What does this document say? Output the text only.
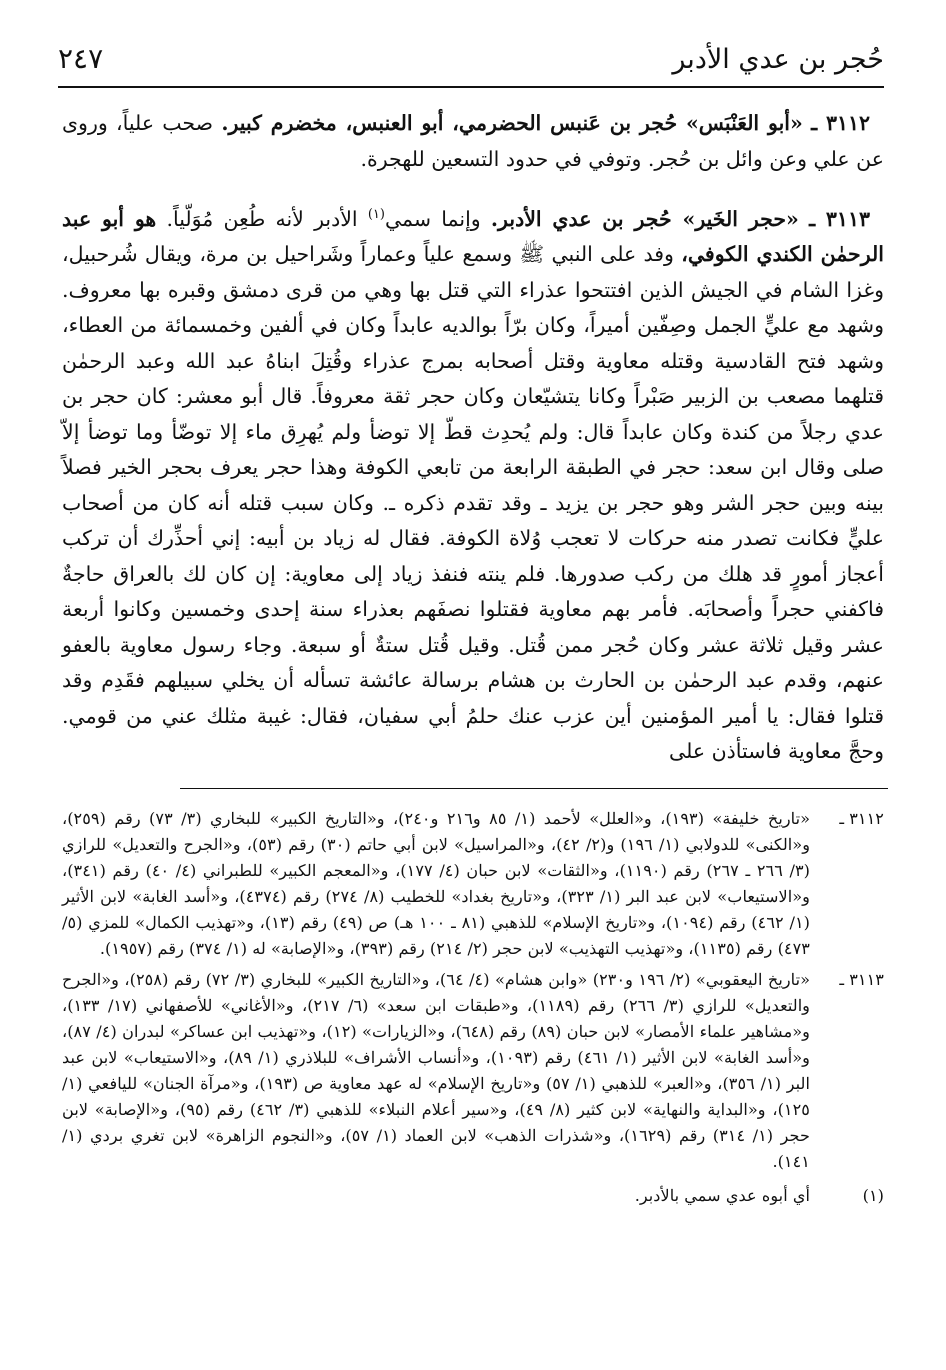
حُجر بن عدي الأدبر
٢٤٧

٣١١٢ ـ «أبو العَنْبَس» حُجر بن عَنبس الحضرمي، أبو العنبس، مخضرم كبير. صحب علياً، وروى عن علي وعن وائل بن حُجر. وتوفي في حدود التسعين للهجرة.

٣١١٣ ـ «حجر الخَير» حُجر بن عدي الأدبر. وإنما سمي$^{(١)}$ الأدبر لأنه طُعِن مُوَلّياً. هو أبو عبد الرحمٰن الكندي الكوفي، وفد على النبي ﷺ وسمع علياً وعماراً وشَراحيل بن مرة، ويقال شُرحبيل، وغزا الشام في الجيش الذين افتتحوا عذراء التي قتل بها وهي من قرى دمشق وقبره بها معروف. وشهد مع عليٍّ الجمل وصِفّين أميراً، وكان برّاً بوالديه عابداً وكان في ألفين وخمسمائة من العطاء، وشهد فتح القادسية وقتله معاوية وقتل أصحابه بمرج عذراء وقُتِلَ ابناهُ عبد الله وعبد الرحمٰن قتلهما مصعب بن الزبير صَبْراً وكانا يتشيّعان وكان حجر ثقة معروفاً. قال أبو معشر: كان حجر بن عدي رجلاً من كندة وكان عابداً قال: ولم يُحدِث قطّ إلا توضأ ولم يُهرِق ماء إلا توضّأ وما توضأ إلاّ صلى وقال ابن سعد: حجر في الطبقة الرابعة من تابعي الكوفة وهذا حجر يعرف بحجر الخير فصلاً بينه وبين حجر الشر وهو حجر بن يزيد ـ وقد تقدم ذكره ـ. وكان سبب قتله أنه كان من أصحاب عليٍّ فكانت تصدر منه حركات لا تعجب وُلاة الكوفة. فقال له زياد بن أبيه: إني أحذِّرك أن تركب أعجاز أمورٍ قد هلك من ركب صدورها. فلم ينته فنفذ زياد إلى معاوية: إن كان لك بالعراق حاجةٌ فاكفني حجراً وأصحابَه. فأمر بهم معاوية فقتلوا نصفَهم بعذراء سنة إحدى وخمسين وكانوا أربعة عشر وقيل ثلاثة عشر وكان حُجر ممن قُتل. وقيل قُتل ستةٌ أو سبعة. وجاء رسول معاوية بالعفو عنهم، وقدم عبد الرحمٰن بن الحارث بن هشام برسالة عائشة تسأله أن يخلي سبيلهم فقَدِم وقد قتلوا فقال: يا أمير المؤمنين أين عزب عنك حلمُ أبي سفيان، فقال: غيبة مثلك عني من قومي. وحجَّ معاوية فاستأذن على

٣١١٢ ـ
«تاريخ خليفة» (١٩٣)، و«العلل» لأحمد (١/ ٨٥ و٢١٦ و٢٤٠)، و«التاريخ الكبير» للبخاري (٣/ ٧٣) رقم (٢٥٩)، و«الكنى» للدولابي (١/ ١٩٦) و(٢/ ٤٢)، و«المراسيل» لابن أبي حاتم (٣٠) رقم (٥٣)، و«الجرح والتعديل» للرازي (٣/ ٢٦٦ ـ ٢٦٧) رقم (١١٩٠)، و«الثقات» لابن حبان (٤/ ١٧٧)، و«المعجم الكبير» للطبراني (٤/ ٤٠) رقم (٣٤١)، و«الاستيعاب» لابن عبد البر (١/ ٣٢٣)، و«تاريخ بغداد» للخطيب (٨/ ٢٧٤) رقم (٤٣٧٤)، و«أسد الغابة» لابن الأثير (١/ ٤٦٢) رقم (١٠٩٤)، و«تاريخ الإسلام» للذهبي (٨١ ـ ١٠٠ هـ) ص (٤٩) رقم (١٣)، و«تهذيب الكمال» للمزي (٥/ ٤٧٣) رقم (١١٣٥)، و«تهذيب التهذيب» لابن حجر (٢/ ٢١٤) رقم (٣٩٣)، و«الإصابة» له (١/ ٣٧٤) رقم (١٩٥٧).
٣١١٣ ـ
«تاريخ اليعقوبي» (٢/ ١٩٦ و٢٣٠) «وابن هشام» (٤/ ٦٤)، و«التاريخ الكبير» للبخاري (٣/ ٧٢) رقم (٢٥٨)، و«الجرح والتعديل» للرازي (٣/ ٢٦٦) رقم (١١٨٩)، و«طبقات ابن سعد» (٦/ ٢١٧)، و«الأغاني» للأصفهاني (١٧/ ١٣٣)، و«مشاهير علماء الأمصار» لابن حبان (٨٩) رقم (٦٤٨)، و«الزيارات» (١٢)، و«تهذيب ابن عساكر» لبدران (٤/ ٨٧)، و«أسد الغابة» لابن الأثير (١/ ٤٦١) رقم (١٠٩٣)، و«أنساب الأشراف» للبلاذري (١/ ٨٩)، و«الاستيعاب» لابن عبد البر (١/ ٣٥٦)، و«العبر» للذهبي (١/ ٥٧) و«تاريخ الإسلام» له عهد معاوية ص (١٩٣)، و«مرآة الجنان» لليافعي (١/ ١٢٥)، و«البداية والنهاية» لابن كثير (٨/ ٤٩)، و«سير أعلام النبلاء» للذهبي (٣/ ٤٦٢) رقم (٩٥)، و«الإصابة» لابن حجر (١/ ٣١٤) رقم (١٦٢٩)، و«شذرات الذهب» لابن العماد (١/ ٥٧)، و«النجوم الزاهرة» لابن تغري بردي (١/ ١٤١).
(١)
أي أبوه عدي سمي بالأدبر.
